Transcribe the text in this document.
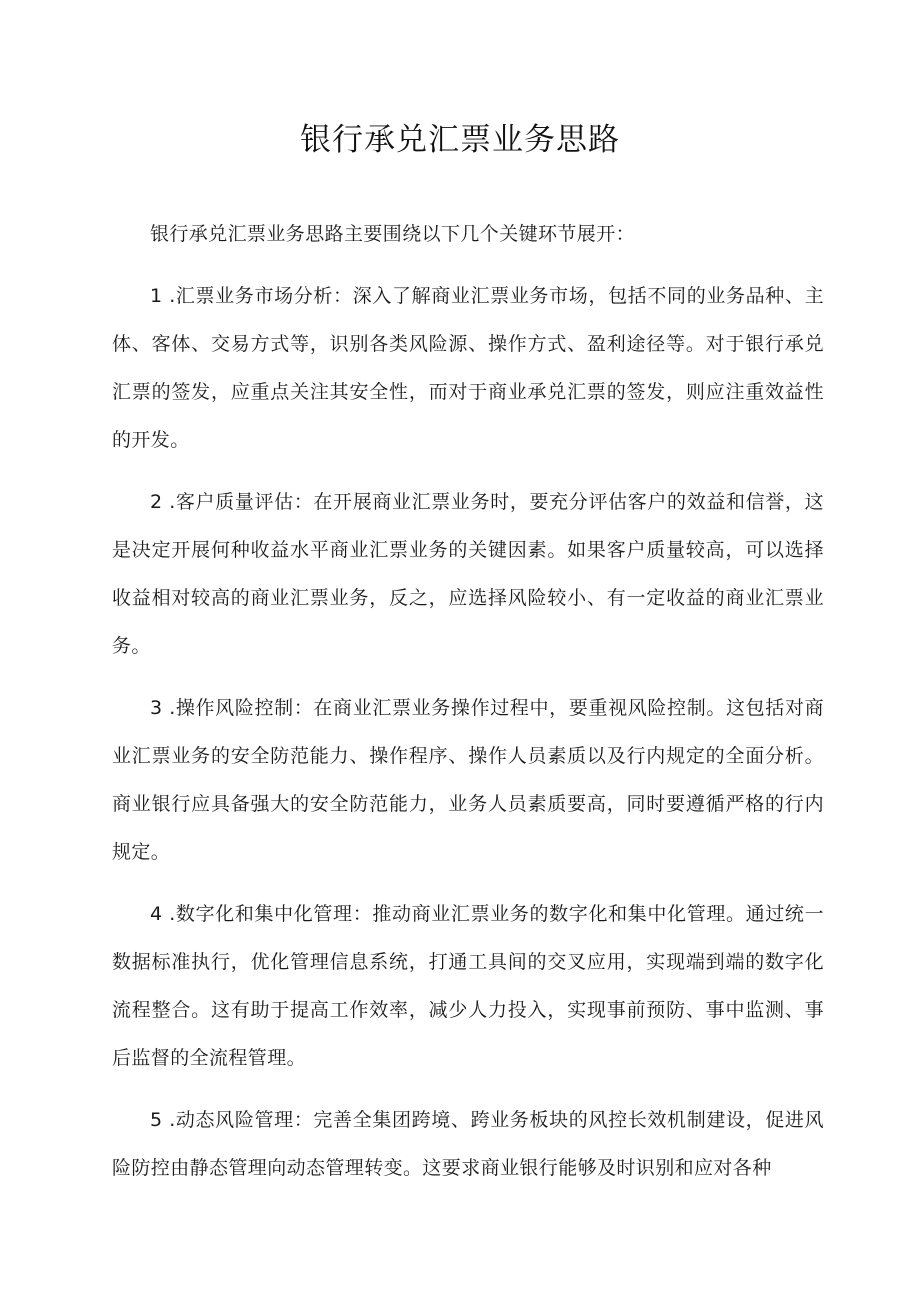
银行承兑汇票业务思路

银行承兑汇票业务思路主要围绕以下几个关键环节展开：

1 .汇票业务市场分析：深入了解商业汇票业务市场，包括不同的业务品种、主体、客体、交易方式等，识别各类风险源、操作方式、盈利途径等。对于银行承兑汇票的签发，应重点关注其安全性，而对于商业承兑汇票的签发，则应注重效益性的开发。

2 .客户质量评估：在开展商业汇票业务时，要充分评估客户的效益和信誉，这是决定开展何种收益水平商业汇票业务的关键因素。如果客户质量较高，可以选择收益相对较高的商业汇票业务，反之，应选择风险较小、有一定收益的商业汇票业务。

3 .操作风险控制：在商业汇票业务操作过程中，要重视风险控制。这包括对商业汇票业务的安全防范能力、操作程序、操作人员素质以及行内规定的全面分析。商业银行应具备强大的安全防范能力，业务人员素质要高，同时要遵循严格的行内规定。

4 .数字化和集中化管理：推动商业汇票业务的数字化和集中化管理。通过统一数据标准执行，优化管理信息系统，打通工具间的交叉应用，实现端到端的数字化流程整合。这有助于提高工作效率，减少人力投入，实现事前预防、事中监测、事后监督的全流程管理。

5 .动态风险管理：完善全集团跨境、跨业务板块的风控长效机制建设，促进风险防控由静态管理向动态管理转变。这要求商业银行能够及时识别和应对各种
